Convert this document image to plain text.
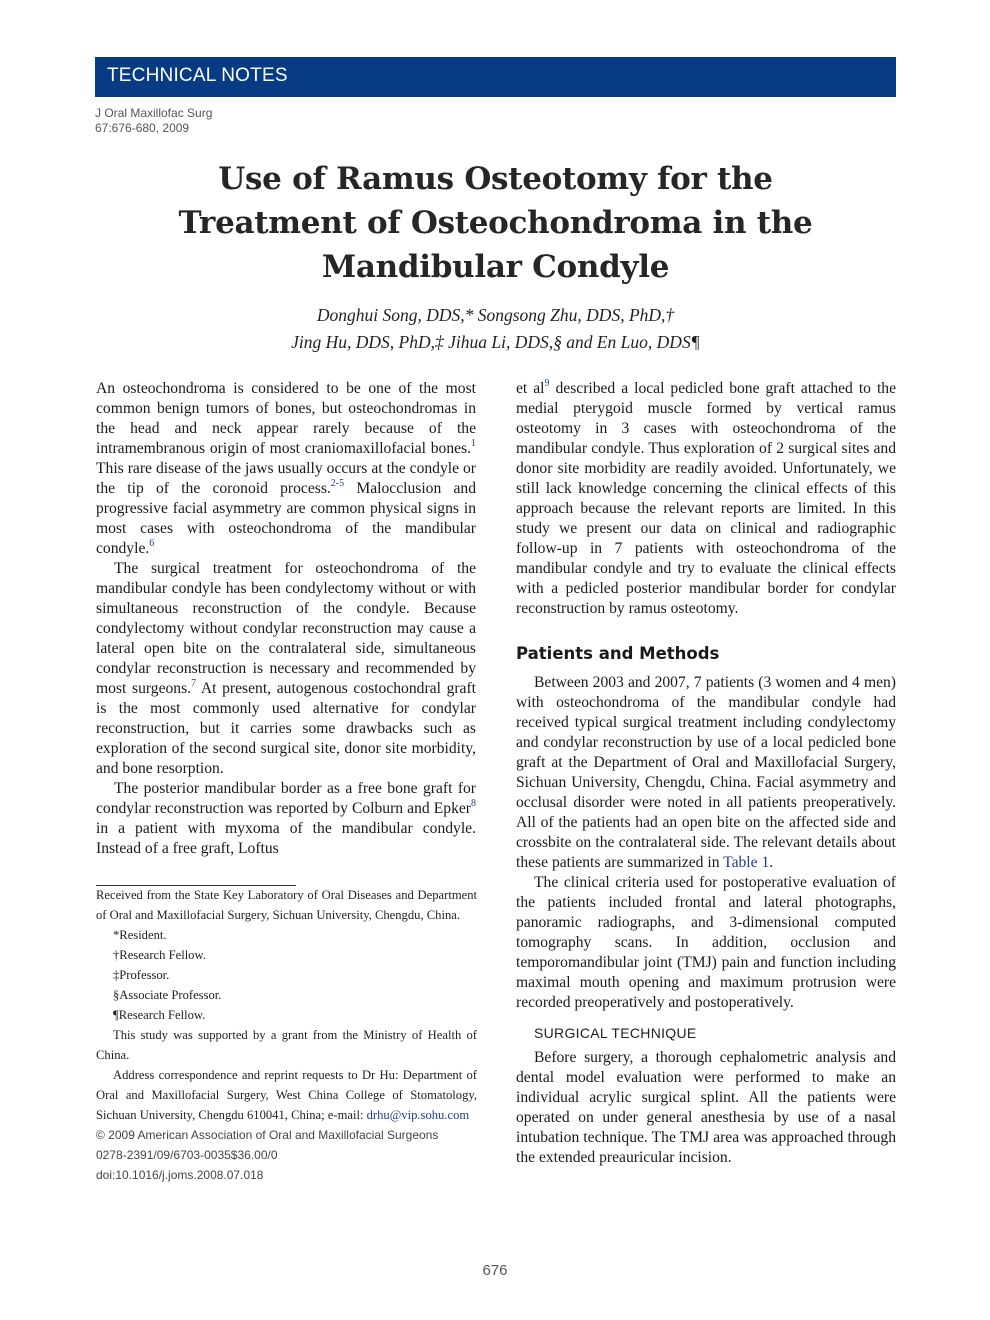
TECHNICAL NOTES
J Oral Maxillofac Surg
67:676-680, 2009
Use of Ramus Osteotomy for the
Treatment of Osteochondroma in the
Mandibular Condyle
Donghui Song, DDS,* Songsong Zhu, DDS, PhD,†
Jing Hu, DDS, PhD,‡ Jihua Li, DDS,§ and En Luo, DDS¶

An osteochondroma is considered to be one of the most common benign tumors of bones, but osteochondromas in the head and neck appear rarely because of the intramembranous origin of most craniomaxillofacial bones.$^1$ This rare disease of the jaws usually occurs at the condyle or the tip of the coronoid process.$^{2-5}$ Malocclusion and progressive facial asymmetry are common physical signs in most cases with osteochondroma of the mandibular condyle.$^6$

The surgical treatment for osteochondroma of the mandibular condyle has been condylectomy without or with simultaneous reconstruction of the condyle. Because condylectomy without condylar reconstruction may cause a lateral open bite on the contralateral side, simultaneous condylar reconstruction is necessary and recommended by most surgeons.$^7$ At present, autogenous costochondral graft is the most commonly used alternative for condylar reconstruction, but it carries some drawbacks such as exploration of the second surgical site, donor site morbidity, and bone resorption.

The posterior mandibular border as a free bone graft for condylar reconstruction was reported by Colburn and Epker$^8$ in a patient with myxoma of the mandibular condyle. Instead of a free graft, Loftus

et $al^9$ described a local pedicled bone graft attached to the medial pterygoid muscle formed by vertical ramus osteotomy in 3 cases with osteochondroma of the mandibular condyle. Thus exploration of 2 surgical sites and donor site morbidity are readily avoided. Unfortunately, we still lack knowledge concerning the clinical effects of this approach because the relevant reports are limited. In this study we present our data on clinical and radiographic follow-up in 7 patients with osteochondroma of the mandibular condyle and try to evaluate the clinical effects with a pedicled posterior mandibular border for condylar reconstruction by ramus osteotomy.

Patients and Methods

Between 2003 and 2007, 7 patients (3 women and 4 men) with osteochondroma of the mandibular condyle had received typical surgical treatment including condylectomy and condylar reconstruction by use of a local pedicled bone graft at the Department of Oral and Maxillofacial Surgery, Sichuan University, Chengdu, China. Facial asymmetry and occlusal disorder were noted in all patients preoperatively. All of the patients had an open bite on the affected side and crossbite on the contralateral side. The relevant details about these patients are summarized in Table 1.

The clinical criteria used for postoperative evaluation of the patients included frontal and lateral photographs, panoramic radiographs, and 3-dimensional computed tomography scans. In addition, occlusion and temporomandibular joint (TMJ) pain and function including maximal mouth opening and maximum protrusion were recorded preoperatively and postoperatively.

SURGICAL TECHNIQUE

Before surgery, a thorough cephalometric analysis and dental model evaluation were performed to make an individual acrylic surgical splint. All the patients were operated on under general anesthesia by use of a nasal intubation technique. The TMJ area was approached through the extended preauricular incision.

Received from the State Key Laboratory of Oral Diseases and Department of Oral and Maxillofacial Surgery, Sichuan University, Chengdu, China.

*Resident.

†Research Fellow.

‡Professor.

§Associate Professor.

¶Research Fellow.

This study was supported by a grant from the Ministry of Health of China.

Address correspondence and reprint requests to Dr Hu: Department of Oral and Maxillofacial Surgery, West China College of Stomatology, Sichuan University, Chengdu 610041, China; e-mail: drhu@vip.sohu.com

© 2009 American Association of Oral and Maxillofacial Surgeons

0278-2391/09/6703-0035$36.00/0

doi:10.1016/j.joms.2008.07.018

676
